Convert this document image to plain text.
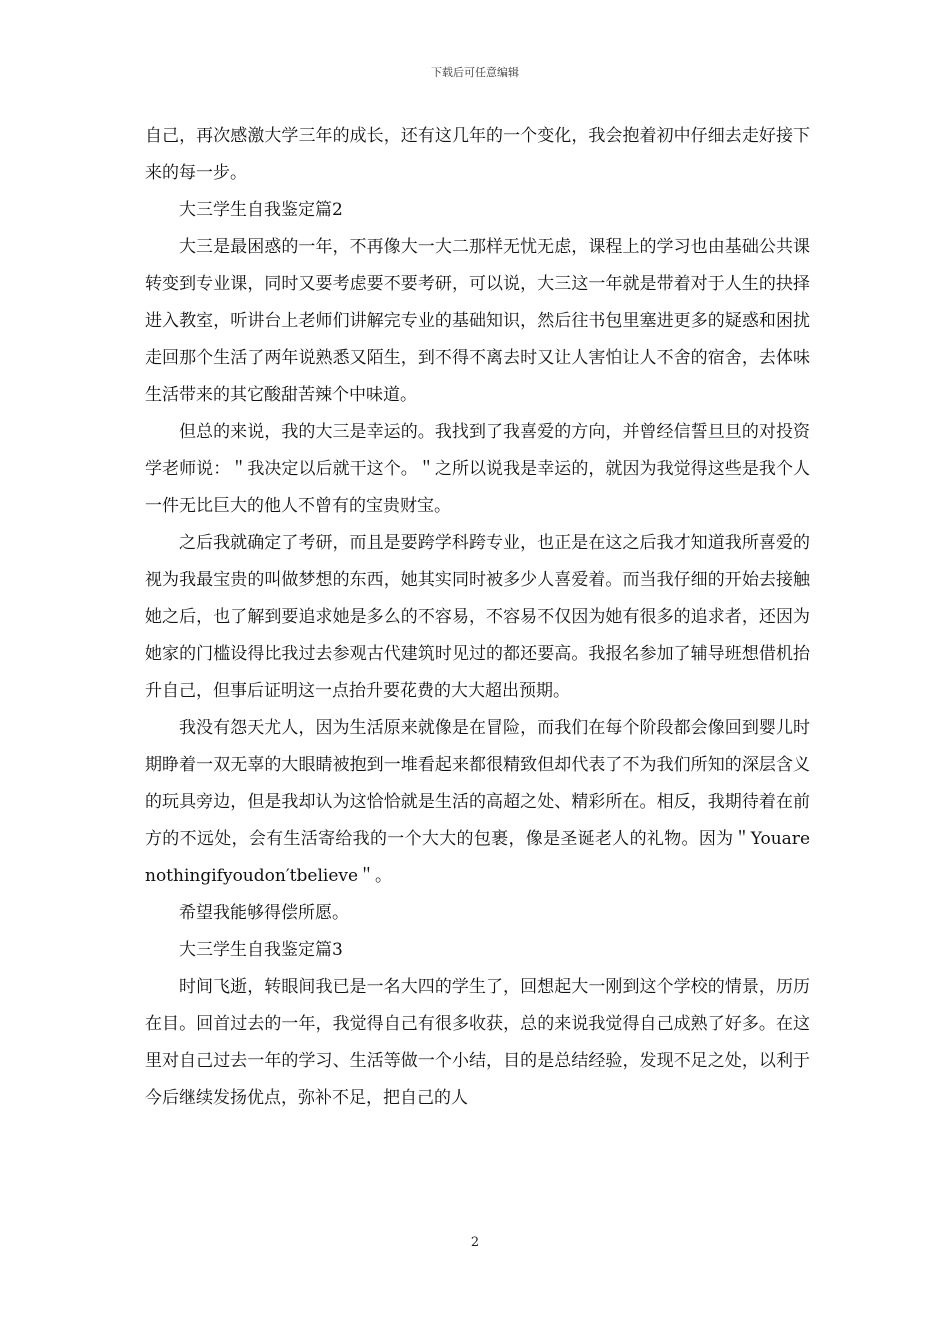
下载后可任意编辑

自己，再次感激大学三年的成长，还有这几年的一个变化，我会抱着初中仔细去走好接下来的每一步。

大三学生自我鉴定篇2

大三是最困惑的一年，不再像大一大二那样无忧无虑，课程上的学习也由基础公共课转变到专业课，同时又要考虑要不要考研，可以说，大三这一年就是带着对于人生的抉择进入教室，听讲台上老师们讲解完专业的基础知识，然后往书包里塞进更多的疑惑和困扰走回那个生活了两年说熟悉又陌生，到不得不离去时又让人害怕让人不舍的宿舍，去体味生活带来的其它酸甜苦辣个中味道。

但总的来说，我的大三是幸运的。我找到了我喜爱的方向，并曾经信誓旦旦的对投资学老师说：＂我决定以后就干这个。＂之所以说我是幸运的，就因为我觉得这些是我个人一件无比巨大的他人不曾有的宝贵财宝。

之后我就确定了考研，而且是要跨学科跨专业，也正是在这之后我才知道我所喜爱的视为我最宝贵的叫做梦想的东西，她其实同时被多少人喜爱着。而当我仔细的开始去接触她之后，也了解到要追求她是多么的不容易，不容易不仅因为她有很多的追求者，还因为她家的门槛设得比我过去参观古代建筑时见过的都还要高。我报名参加了辅导班想借机抬升自己，但事后证明这一点抬升要花费的大大超出预期。

我没有怨天尤人，因为生活原来就像是在冒险，而我们在每个阶段都会像回到婴儿时期睁着一双无辜的大眼睛被抱到一堆看起来都很精致但却代表了不为我们所知的深层含义的玩具旁边，但是我却认为这恰恰就是生活的高超之处、精彩所在。相反，我期待着在前方的不远处，会有生活寄给我的一个大大的包裹，像是圣诞老人的礼物。因为＂Youarenothingifyoudon′tbelieve＂。

希望我能够得偿所愿。

大三学生自我鉴定篇3

时间飞逝，转眼间我已是一名大四的学生了，回想起大一刚到这个学校的情景，历历在目。回首过去的一年，我觉得自己有很多收获，总的来说我觉得自己成熟了好多。在这里对自己过去一年的学习、生活等做一个小结，目的是总结经验，发现不足之处，以利于今后继续发扬优点，弥补不足，把自己的人

2
